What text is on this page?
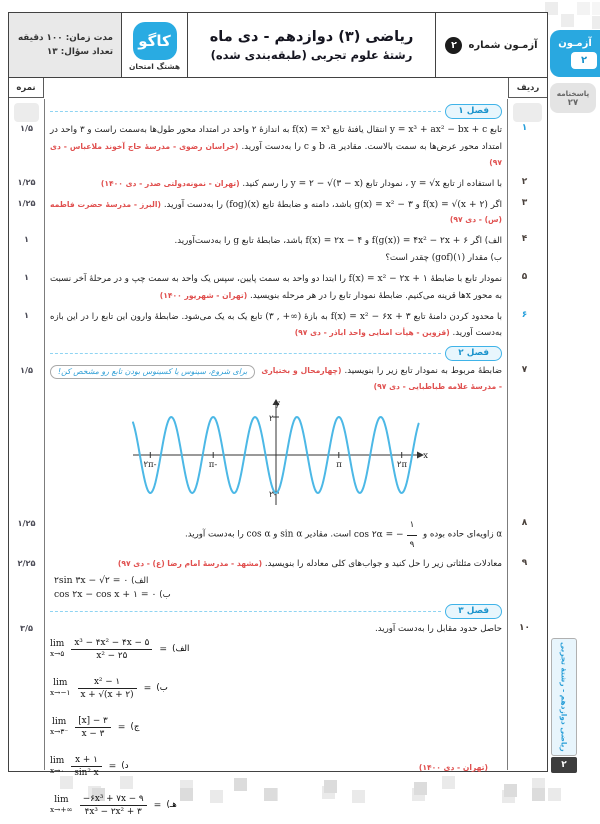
آزمـون
۲
پاسخنامه
۲۷
ریاضی دوازدهم - رشتهٔ تجربی
۲
آزمـون شماره
۲
ریاضی (۳) دوازدهم - دی ماه
رشتهٔ علوم تجربی (طبقه‌بندی شده)
کاگو
هشتگ امتحان
مدت زمان: ۱۰۰ دقیقه
تعداد سؤال: ۱۳
ردیف
نمره
فصل ۱
۱
تابع y = x³ + ax² − bx + c انتقال یافتهٔ تابع f(x) = x³ به اندازهٔ ۲ واحد در امتداد محور طول‌ها به‌سمت راست و ۳ واحد در امتداد محور عرض‌ها به سمت بالاست. مقادیر a، b و c را به‌دست آورید. (خراسان رضوی - مدرسهٔ حاج آخوند ملاعباس - دی ۹۷)
۱/۵
۲
با استفاده از تابع y = √x ، نمودار تابع y = ۲ − √(۳ − x) را رسم کنید. (تهران - نمونه‌دولتی صدر - دی ۱۴۰۰)
۱/۲۵
۳
اگر f(x) = √(x + ۲) و g(x) = x² − ۳ باشد، دامنه و ضابطهٔ تابع (fog)(x) را به‌دست آورید. (البرز - مدرسهٔ حضرت فاطمه (س) - دی ۹۷)
۱/۲۵
۴
الف) اگر f(g(x)) = ۴x² − ۲x + ۶ و f(x) = ۲x − ۴ باشد، ضابطهٔ تابع g را به‌دست‌آورید.
ب) مقدار (gof)(۱) چقدر است؟
۱
۵
نمودار تابع با ضابطهٔ f(x) = x² − ۲x + ۱ را ابتدا دو واحد به سمت پایین، سپس یک واحد به سمت چپ و در مرحلهٔ آخر نسبت به محور xها قرینه می‌کنیم. ضابطهٔ نمودار تابع را در هر مرحله بنویسید. (تهران - شهریور ۱۴۰۰)
۱
۶
با محدود کردن دامنهٔ تابع f(x) = x² − ۶x + ۳ به بازهٔ (۳ , +∞) تابع یک به یک می‌شود. ضابطهٔ وارون این تابع را در این بازه به‌دست آورید. (قزوین - هیأت امنایی واحد اباذر - دی ۹۷)
۱
فصل ۲
۷
ضابطهٔ مربوط به نمودار تابع زیر را بنویسید. (چهارمحال و بختیاری - مدرسهٔ علامه طباطبایی - دی ۹۷)
برای شروع، سینوس یا کسینوس بودن تابع رو مشخص کن!
-۲π	-π	π	۲π
۲
-۲
x
y
۱/۵
۸
α زاویه‌ای حاده بوده و
cos ۲α = − $\frac{۱}{۹}$
است. مقادیر sin α و cos α را به‌دست آورید.
۱/۲۵
۹
معادلات مثلثاتی زیر را حل کنید و جواب‌های کلی معادله را بنویسید. (مشهد - مدرسهٔ امام رضا (ع) - دی ۹۷)
الف) ۲sin ۳x − √۲ = ۰
ب) cos ۲x − cos x + ۱ = ۰
۲/۲۵
فصل ۳
۱۰
حاصل حدود مقابل را به‌دست آورید.
الف)
lim
x→۵ $\frac{\text{x³ − ۴x² − ۴x − ۵}}{\text{x² − ۲۵}}$ =
ب)
lim
x→−۱ $\frac{\text{x² − ۱}}{x + √(x + ۲)}$ =
ج)
lim
x→۳⁻ $\frac{[x] - ۳}{x - ۳}$ =
د)
lim
x→۰ $\frac{x + ۱}{\text{sin² x}}$ =	(تهران - دی ۱۴۰۰)
هـ)
lim
$x\to+\infty \frac{\text{−۶x³ + ۷x − ۹}}{\text{۴x³ − ۲x² + ۳}}$ =
۳/۵
